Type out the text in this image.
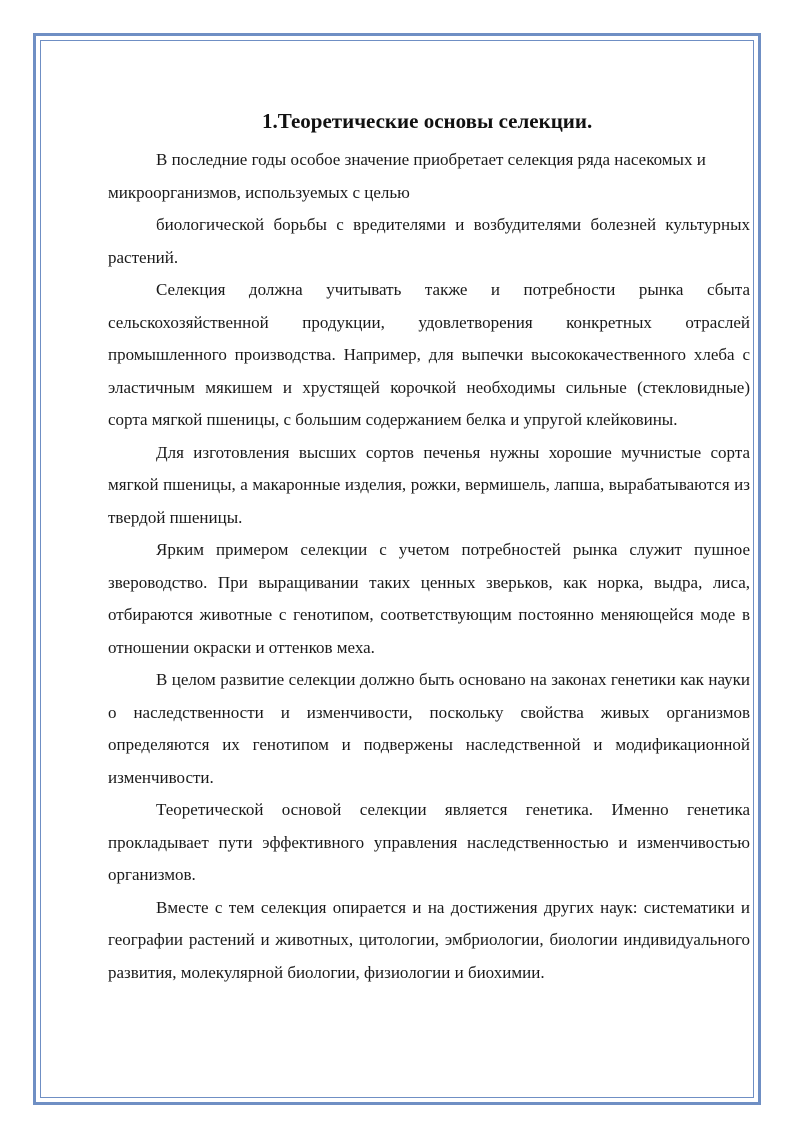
1.Теоретические основы селекции.

В последние годы особое значение приобретает селекция ряда насекомых и микроорганизмов, используемых с целью

биологической борьбы с вредителями и возбудителями болезней культурных растений.

Селекция должна учитывать также и потребности рынка сбыта сельскохозяйственной продукции, удовлетворения конкретных отраслей промышленного производства. Например, для выпечки высококачественного хлеба с эластичным мякишем и хрустящей корочкой необходимы сильные (стекловидные) сорта мягкой пшеницы, с большим содержанием белка и упругой клейковины.

Для изготовления высших сортов печенья нужны хорошие мучнистые сорта мягкой пшеницы, а макаронные изделия, рожки, вермишель, лапша, вырабатываются из твердой пшеницы.

Ярким примером селекции с учетом потребностей рынка служит пушное звероводство. При выращивании таких ценных зверьков, как норка, выдра, лиса, отбираются животные с генотипом, соответствующим постоянно меняющейся моде в отношении окраски и оттенков меха.

В целом развитие селекции должно быть основано на законах генетики как науки о наследственности и изменчивости, поскольку свойства живых организмов определяются их генотипом и подвержены наследственной и модификационной изменчивости.

Теоретической основой селекции является генетика. Именно генетика прокладывает пути эффективного управления наследственностью и изменчивостью организмов.

Вместе с тем селекция опирается и на достижения других наук: систематики и географии растений и животных, цитологии, эмбриологии, биологии индивидуального развития, молекулярной биологии, физиологии и биохимии.
